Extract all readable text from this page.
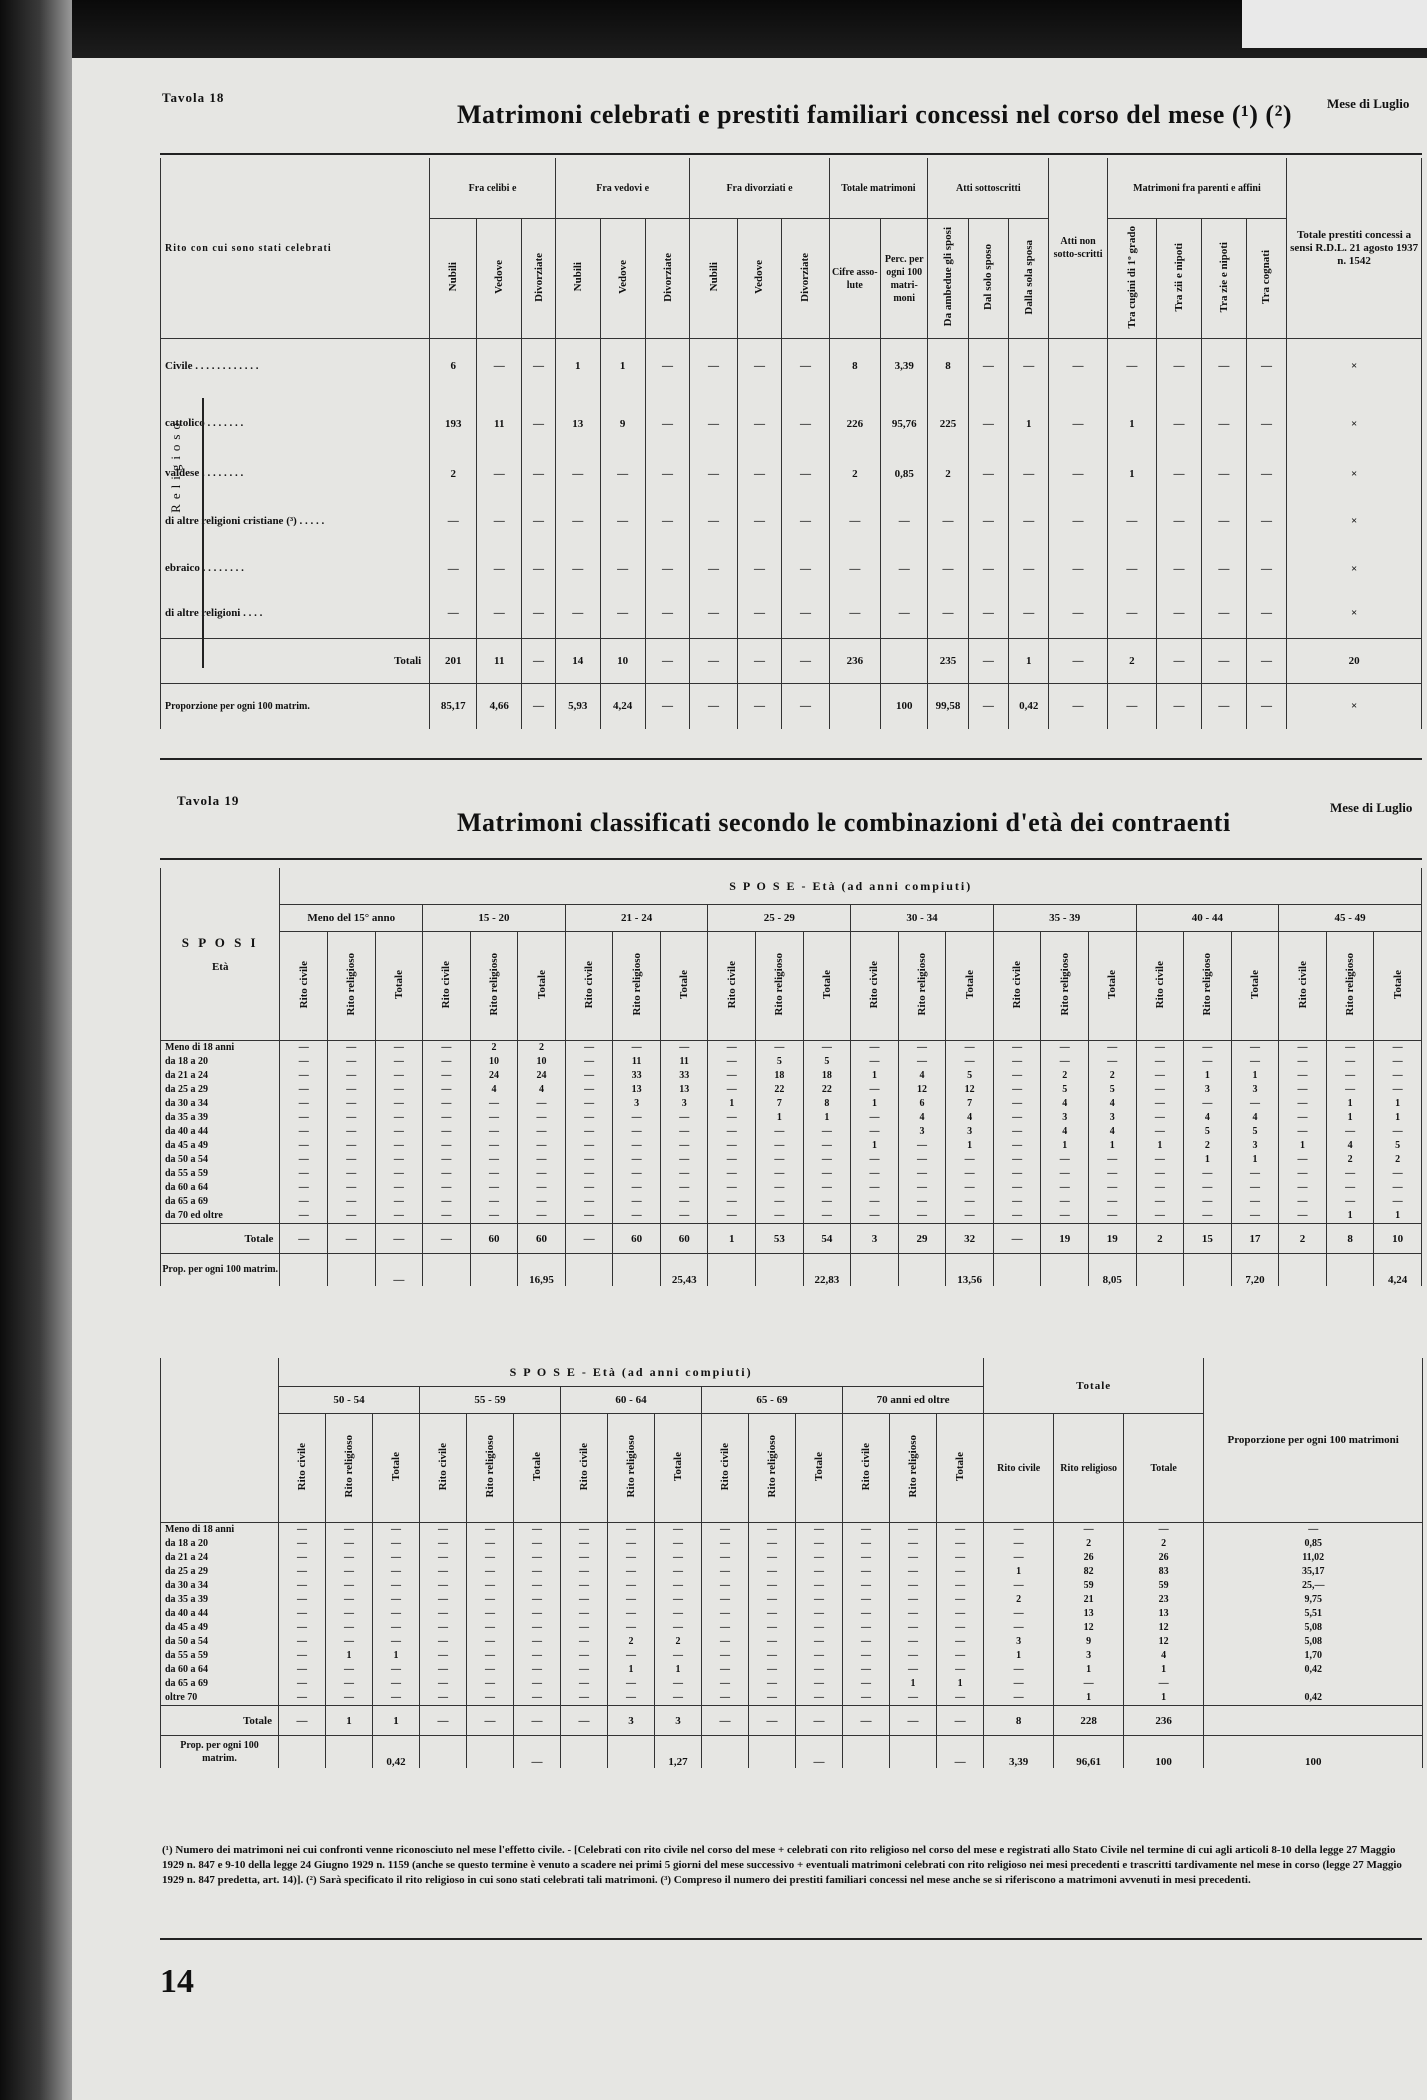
Tavola 18
Matrimoni celebrati e prestiti familiari concessi nel corso del mese (¹) (²)	Mese di Luglio
Rito con cui sono stati celebrati	Fra celibi e			Fra vedovi e			Fra divorziati e			Totale matrimoni		Atti sottoscritti			Atti non sotto-scritti	Matrimoni fra parenti e affini				Totale prestiti concessi a sensi R.D.L. 21 agosto 1937 n. 1542
	Nubili	Vedove	Divorziate	Nubili	Vedove	Divorziate	Nubili	Vedove	Divorziate	Cifre asso-lute	Perc. per ogni 100 matri-moni	Da ambedue gli sposi	Dal solo sposo	Dalla sola sposa		Tra cugini di 1º grado	Tra zii e nipoti	Tra zie e nipoti	Tra cognati	
Civile . . . . . . . . . . . .	6	—	—	1	1	—	—	—	—	8	3,39	8	—	—	—	—	—	—	—	×
cattolico . . . . . . .	193	11	—	13	9	—	—	—	—	226	95,76	225	—	1	—	1	—	—	—	×
valdese . . . . . . . .	2	—	—	—	—	—	—	—	—	2	0,85	2	—	—	—	1	—	—	—	×
di altre religioni cristiane (³) . . . . .	—	—	—	—	—	—	—	—	—	—	—	—	—	—	—	—	—	—	—	×
ebraico . . . . . . . .	—	—	—	—	—	—	—	—	—	—	—	—	—	—	—	—	—	—	—	×
di altre religioni . . . .	—	—	—	—	—	—	—	—	—	—	—	—	—	—	—	—	—	—	—	×
Totali	201	11	—	14	10	—	—	—	—	236		235	—	1	—	2	—	—	—	20
Proporzione per ogni 100 matrim.	85,17	4,66	—	5,93	4,24	—	—	—	—		100	99,58	—	0,42	—	—	—	—	—	×
Tavola 19
Matrimoni classificati secondo le combinazioni d'età dei contraenti
Mese di Luglio
S P O S I
Età	S P O S E - Età (ad anni compiuti)																							
	Meno del 15° anno			15 - 20			21 - 24			25 - 29			30 - 34			35 - 39			40 - 44			45 - 49		
	Rito civile	Rito religioso	Totale	Rito civile	Rito religioso	Totale	Rito civile	Rito religioso	Totale	Rito civile	Rito religioso	Totale	Rito civile	Rito religioso	Totale	Rito civile	Rito religioso	Totale	Rito civile	Rito religioso	Totale	Rito civile	Rito religioso	Totale
Meno di 18 anni	—	—	—	—	2	2	—	—	—	—	—	—	—	—	—	—	—	—	—	—	—	—	—	—
da 18 a 20	—	—	—	—	10	10	—	11	11	—	5	5	—	—	—	—	—	—	—	—	—	—	—	—
da 21 a 24	—	—	—	—	24	24	—	33	33	—	18	18	1	4	5	—	2	2	—	1	1	—	—	—
da 25 a 29	—	—	—	—	4	4	—	13	13	—	22	22	—	12	12	—	5	5	—	3	3	—	—	—
da 30 a 34	—	—	—	—	—	—	—	3	3	1	7	8	1	6	7	—	4	4	—	—	—	—	1	1
da 35 a 39	—	—	—	—	—	—	—	—	—	—	1	1	—	4	4	—	3	3	—	4	4	—	1	1
da 40 a 44	—	—	—	—	—	—	—	—	—	—	—	—	—	3	3	—	4	4	—	5	5	—	—	—
da 45 a 49	—	—	—	—	—	—	—	—	—	—	—	—	1	—	1	—	1	1	1	2	3	1	4	5
da 50 a 54	—	—	—	—	—	—	—	—	—	—	—	—	—	—	—	—	—	—	—	1	1	—	2	2
da 55 a 59	—	—	—	—	—	—	—	—	—	—	—	—	—	—	—	—	—	—	—	—	—	—	—	—
da 60 a 64	—	—	—	—	—	—	—	—	—	—	—	—	—	—	—	—	—	—	—	—	—	—	—	—
da 65 a 69	—	—	—	—	—	—	—	—	—	—	—	—	—	—	—	—	—	—	—	—	—	—	—	—
da 70 ed oltre	—	—	—	—	—	—	—	—	—	—	—	—	—	—	—	—	—	—	—	—	—	—	1	1
Totale	—	—	—	—	60	60	—	60	60	1	53	54	3	29	32	—	19	19	2	15	17	2	8	10
Prop. per ogni 100 matrim.			—			16,95			25,43			22,83			13,56			8,05			7,20			4,24
	S P O S E - Età (ad anni compiuti)															Totale			Proporzione per ogni 100 matrimoni
	50 - 54			55 - 59			60 - 64			65 - 69			70 anni ed oltre						
	Rito civile	Rito religioso	Totale	Rito civile	Rito religioso	Totale	Rito civile	Rito religioso	Totale	Rito civile	Rito religioso	Totale	Rito civile	Rito religioso	Totale	Rito civile	Rito religioso	Totale	
Meno di 18 anni	—	—	—	—	—	—	—	—	—	—	—	—	—	—	—	—	—	—	—
da 18 a 20	—	—	—	—	—	—	—	—	—	—	—	—	—	—	—	—	2	2	0,85
da 21 a 24	—	—	—	—	—	—	—	—	—	—	—	—	—	—	—	—	26	26	11,02
da 25 a 29	—	—	—	—	—	—	—	—	—	—	—	—	—	—	—	1	82	83	35,17
da 30 a 34	—	—	—	—	—	—	—	—	—	—	—	—	—	—	—	—	59	59	25,—
da 35 a 39	—	—	—	—	—	—	—	—	—	—	—	—	—	—	—	2	21	23	9,75
da 40 a 44	—	—	—	—	—	—	—	—	—	—	—	—	—	—	—	—	13	13	5,51
da 45 a 49	—	—	—	—	—	—	—	—	—	—	—	—	—	—	—	—	12	12	5,08
da 50 a 54	—	—	—	—	—	—	—	2	2	—	—	—	—	—	—	3	9	12	5,08
da 55 a 59	—	1	1	—	—	—	—	—	—	—	—	—	—	—	—	1	3	4	1,70
da 60 a 64	—	—	—	—	—	—	—	1	1	—	—	—	—	—	—	—	1	1	0,42
da 65 a 69	—	—	—	—	—	—	—	—	—	—	—	—	—	1	1	—	—	—	
oltre 70	—	—	—	—	—	—	—	—	—	—	—	—	—	—	—	—	1	1	0,42
Totale	—	1	1	—	—	—	—	3	3	—	—	—	—	—	—	8	228	236	
Prop. per ogni 100 matrim.			0,42			—			1,27			—			—	3,39	96,61	100	100
(¹) Numero dei matrimoni nei cui confronti venne riconosciuto nel mese l'effetto civile. - [Celebrati con rito civile nel corso del mese + celebrati con rito religioso nel corso del mese e registrati allo Stato Civile nel termine di cui agli articoli 8-10 della legge 27 Maggio 1929 n. 847 e 9-10 della legge 24 Giugno 1929 n. 1159 (anche se questo termine è venuto a scadere nei primi 5 giorni del mese successivo + eventuali matrimoni celebrati con rito religioso nei mesi precedenti e trascritti tardivamente nel mese in corso (legge 27 Maggio 1929 n. 847 predetta, art. 14)]. (²) Sarà specificato il rito religioso in cui sono stati celebrati tali matrimoni. (³) Compreso il numero dei prestiti familiari concessi nel mese anche se si riferiscono a matrimoni avvenuti in mesi precedenti.
14
Religioso
